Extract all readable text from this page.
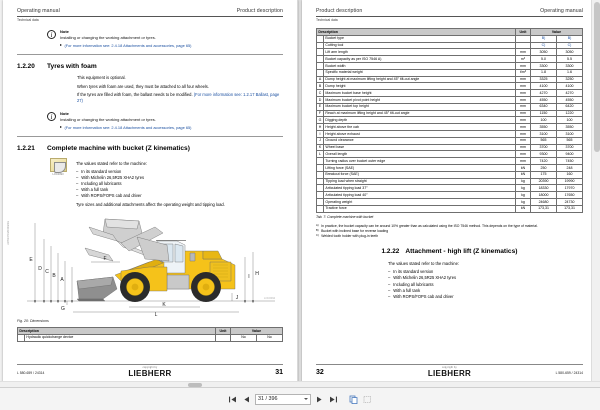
Operating manual	Product description
Technical data
i
Note
Installing or changing the working attachment or tyres.
(For more information see: 2.4.18 Attachments and accessories, page 65)
1.2.20	Tyres with foam
This equipment is optional.
When tyres with foam are used, they must be attached to all four wheels.
If the tyres are filled with foam, the ballast needs to be modified. (For more information see: 1.2.17 Ballast, page 27)
i
Note
Installing or changing the working attachment or tyres.
(For more information see: 2.4.18 Attachments and accessories, page 65)
1.2.21	Complete machine with bucket (Z kinematics)
LOC0093
The values stated refer to the machine:
– In its standard version
– With Michelin 26,5R25 XHA2 tyres
– Including all lubricants
– With a full tank
– With ROPS/FOPS cab and driver
Tyre sizes and additional attachments affect the operating weight and tipping load.
LWT/14701/DIM/ENG
E
D C
B
A
F
G
H
I
J
K
L
LOC0094
Fig. 20: Dimensions
Description		Unit	Value	
	Hydraulic quickchange device		No	No
L 580-659 / 24314
copyright by
LIEBHERR	31
Product description	Operating manual
Technical data
Description		Unit	Value	
	Bucket type		B)	B)
	Cutting tool		C)	C)
	Lift arm length	mm	3050	3050
	Bucket capacity as per ISO 7546 A)	m³	5.0	5.5
	Bucket width	mm	3300	3300
	Specific material weight	t/m³	1.8	1.6
A	Dump height at maximum lifting height and 45° tilt-out angle	mm	3325	3250
B	Dump height	mm	4100	4100
C	Maximum bucket base height	mm	4270	4270
D	Maximum bucket pivot point height	mm	4550	4550
E	Maximum bucket top height	mm	6340	6420
F	Reach at maximum lifting height and 45° tilt-out angle	mm	1150	1220
G	Digging depth	mm	100	100
H	Height above the cab	mm	3550	3550
I	Height above exhaust	mm	3100	3100
J	Ground clearance	mm	565	565
K	Wheel base	mm	3700	3700
L	Overall length	mm	9300	9400
	Turning radius over bucket outer edge	mm	7420	7450
	Lifting force (SAE)	kN	250	248
	Breakout force (SAE)	kN	175	160
	Tipping load when straight	kg	20390	19990
	Articulated tipping load 37°	kg	18330	17970
	Articulated tipping load 40°	kg	18000	17650
	Operating weight	kg	24680	24730
	Tractive force	kN	173,31	173,31
Tab. 7: Complete machine with bucket
A) In practice, the bucket capacity can be around 10% greater than as calculated using the ISO 7546 method. This depends on the type of material.
B) Bucket with inclined base for reverse loading
C) Welded tooth holder with plug-in teeth
1.2.22 Attachment - high lift (Z kinematics)
The values stated refer to the machine:
– In its standard version
– With Michelin 26,5R25 XHA2 tyres
– Including all lubricants
– With a full tank
– With ROPS/FOPS cab and driver
32
copyright by
LIEBHERR	L 580-659 / 24314
31 / 396
